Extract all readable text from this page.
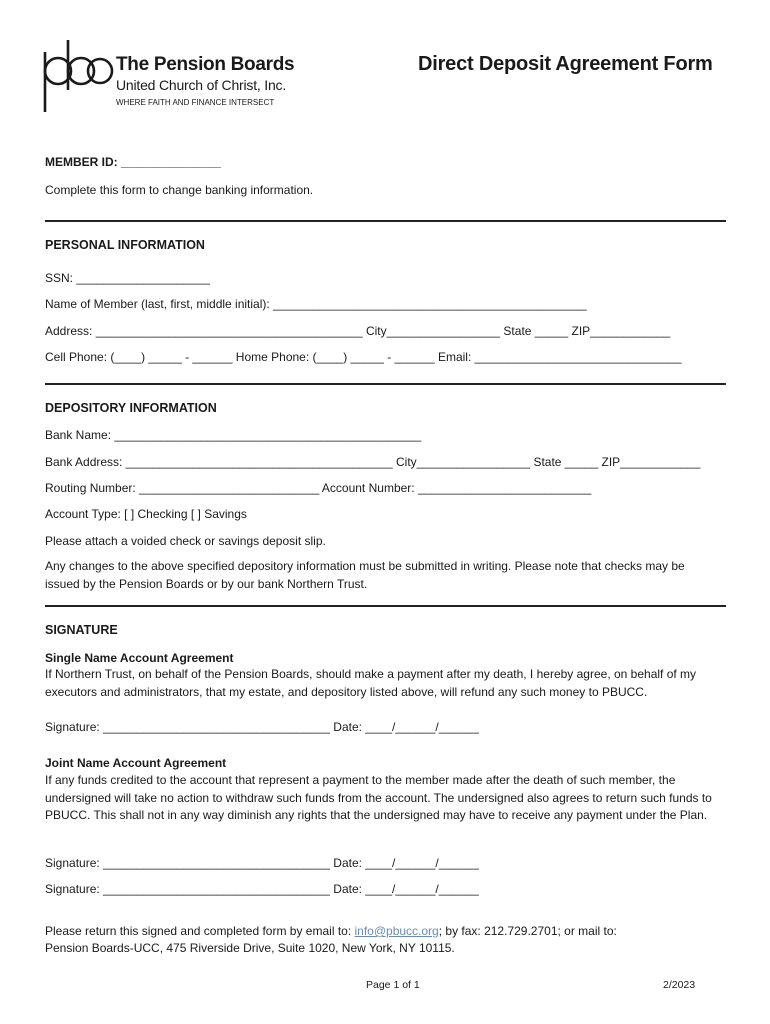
The Pension Boards
United Church of Christ, Inc.
WHERE FAITH AND FINANCE INTERSECT
Direct Deposit Agreement Form
MEMBER ID: _______________
Complete this form to change banking information.
PERSONAL INFORMATION
SSN: ____________________
Name of Member (last, first, middle initial): _______________________________________________
Address: ________________________________________ City_________________ State _____ ZIP____________
Cell Phone: (____) _____ - ______ Home Phone: (____) _____ - ______ Email: _______________________________
DEPOSITORY INFORMATION
Bank Name: ______________________________________________
Bank Address: ________________________________________ City_________________ State _____ ZIP____________
Routing Number: ___________________________ Account Number: __________________________
Account Type: [ ] Checking [ ] Savings
Please attach a voided check or savings deposit slip.
Any changes to the above specified depository information must be submitted in writing. Please note that checks may be issued by the Pension Boards or by our bank Northern Trust.
SIGNATURE
Single Name Account Agreement
If Northern Trust, on behalf of the Pension Boards, should make a payment after my death, I hereby agree, on behalf of my executors and administrators, that my estate, and depository listed above, will refund any such money to PBUCC.
Signature: __________________________________ Date: ____/______/______
Joint Name Account Agreement
If any funds credited to the account that represent a payment to the member made after the death of such member, the undersigned will take no action to withdraw such funds from the account. The undersigned also agrees to return such funds to PBUCC. This shall not in any way diminish any rights that the undersigned may have to receive any payment under the Plan.
Signature: __________________________________ Date: ____/______/______
Signature: __________________________________ Date: ____/______/______
Please return this signed and completed form by email to: info@pbucc.org; by fax: 212.729.2701; or mail to:
Pension Boards-UCC, 475 Riverside Drive, Suite 1020, New York, NY 10115.
Page 1 of 1	2/2023
